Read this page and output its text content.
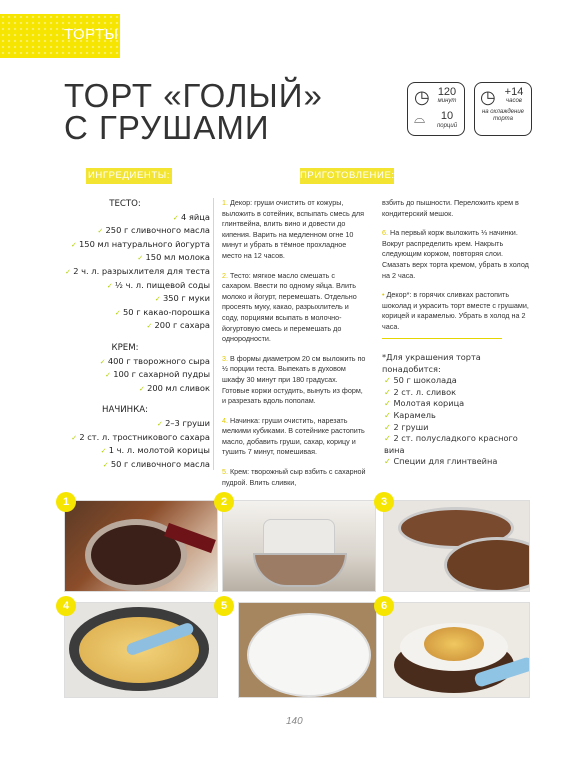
ТОРТЫ
ТОРТ «ГОЛЫЙ»
С ГРУШАМИ
◷ 120
минут
⌓	10
порций
◷ +14
часов
на охлаждение торта
ИНГРЕДИЕНТЫ:	ПРИГОТОВЛЕНИЕ:
ТЕСТО:
✓ 4 яйца
✓ 250 г сливочного масла
✓ 150 мл натурального йогурта
✓ 150 мл молока
✓ 2 ч. л. разрыхлителя для теста
✓ ½ ч. л. пищевой соды
✓ 350 г муки
✓ 50 г какао-порошка
✓ 200 г сахара
КРЕМ:
✓ 400 г творожного сыра
✓ 100 г сахарной пудры
✓ 200 мл сливок
НАЧИНКА:
✓ 2–3 груши
✓ 2 ст. л. тростникового сахара
✓ 1 ч. л. молотой корицы
✓ 50 г сливочного масла

1. Декор: груши очистить от кожуры, выложить в сотейник, вспыпать смесь для глинтвейна, влить вино и довести до кипения. Варить на медленном огне 10 минут и убрать в тёмное прохладное место на 12 часов.

2. Тесто: мягкое масло смешать с сахаром. Ввести по одному яйца. Влить молоко и йогурт, перемешать. Отдельно просеять муку, какао, разрыхлитель и соду, порциями всыпать в молочно-йогуртовую смесь и перемешать до однородности.

3. В формы диаметром 20 см выложить по ½ порции теста. Выпекать в духовом шкафу 30 минут при 180 градусах. Готовые коржи остудить, вынуть из форм, и разрезать вдоль пополам.

4. Начинка: груши очистить, нарезать мелкими кубиками. В сотейнике растопить масло, добавить груши, сахар, корицу и тушить 7 минут, помешивая.

5. Крем: творожный сыр взбить с сахарной пудрой. Влить сливки,

взбить до пышности. Переложить крем в кондитерский мешок.

6. На первый корж выложить ⅓ начинки. Вокруг распределить крем. Накрыть следующим коржом, повторяя слои. Смазать верх торта кремом, убрать в холод на 2 часа.

• Декор*: в горячих сливках растопить шоколад и украсить торт вместе с грушами, корицей и карамелью. Убрать в холод на 2 часа.

*Для украшения торта понадобится:
✓ 50 г шоколада
✓ 2 ст. л. сливок
✓ Молотая корица
✓ Карамель
✓ 2 груши
✓ 2 ст. полусладкого красного вина
✓ Специи для глинтвейна
1	2	3
4	5	6
140
